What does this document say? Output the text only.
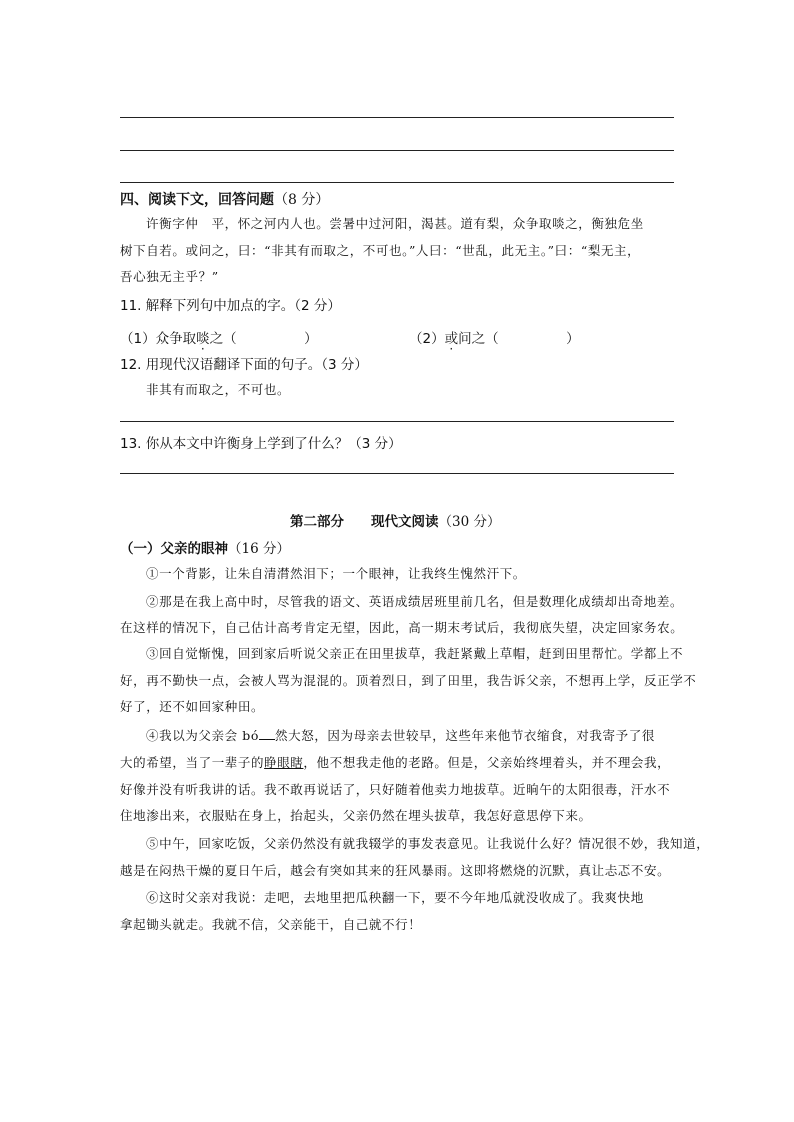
四、阅读下文，回答问题（8 分）
许衡字仲　平，怀之河内人也。尝暑中过河阳，渴甚。道有梨，众争取啖之，衡独危坐
树下自若。或问之，曰：“非其有而取之，不可也。”人曰：“世乱，此无主。”曰：“梨无主，
吾心独无主乎？”
11. 解释下列句中加点的字。（2 分）
（1）众争取啖之（　　　　　）	（2）或问之（　　　　　）
12. 用现代汉语翻译下面的句子。（3 分）
非其有而取之，不可也。
13. 你从本文中许衡身上学到了什么？（3 分）
第二部分　　现代文阅读（30 分）
（一）父亲的眼神（16 分）
①一个背影，让朱自清潸然泪下；一个眼神，让我终生愧然汗下。
②那是在我上高中时，尽管我的语文、英语成绩居班里前几名，但是数理化成绩却出奇地差。
在这样的情况下，自己估计高考肯定无望，因此，高一期末考试后，我彻底失望，决定回家务农。
③回自觉惭愧，回到家后听说父亲正在田里拔草，我赶紧戴上草帽，赶到田里帮忙。学都上不
好，再不勤快一点，会被人骂为混混的。顶着烈日，到了田里，我告诉父亲，不想再上学，反正学不
好了，还不如回家种田。
④我以为父亲会 bó 然大怒，因为母亲去世较早，这些年来他节衣缩食，对我寄予了很
大的希望，当了一辈子的睁眼瞎，他不想我走他的老路。但是，父亲始终埋着头，并不理会我，
好像并没有听我讲的话。我不敢再说话了，只好随着他卖力地拔草。近晌午的太阳很毒，汗水不
住地渗出来，衣服贴在身上，抬起头，父亲仍然在埋头拔草，我怎好意思停下来。
⑤中午，回家吃饭，父亲仍然没有就我辍学的事发表意见。让我说什么好？情况很不妙，我知道，
越是在闷热干燥的夏日午后，越会有突如其来的狂风暴雨。这即将燃烧的沉默，真让忐忑不安。
⑥这时父亲对我说：走吧，去地里把瓜秧翻一下，要不今年地瓜就没收成了。我爽快地
拿起锄头就走。我就不信，父亲能干，自己就不行！
